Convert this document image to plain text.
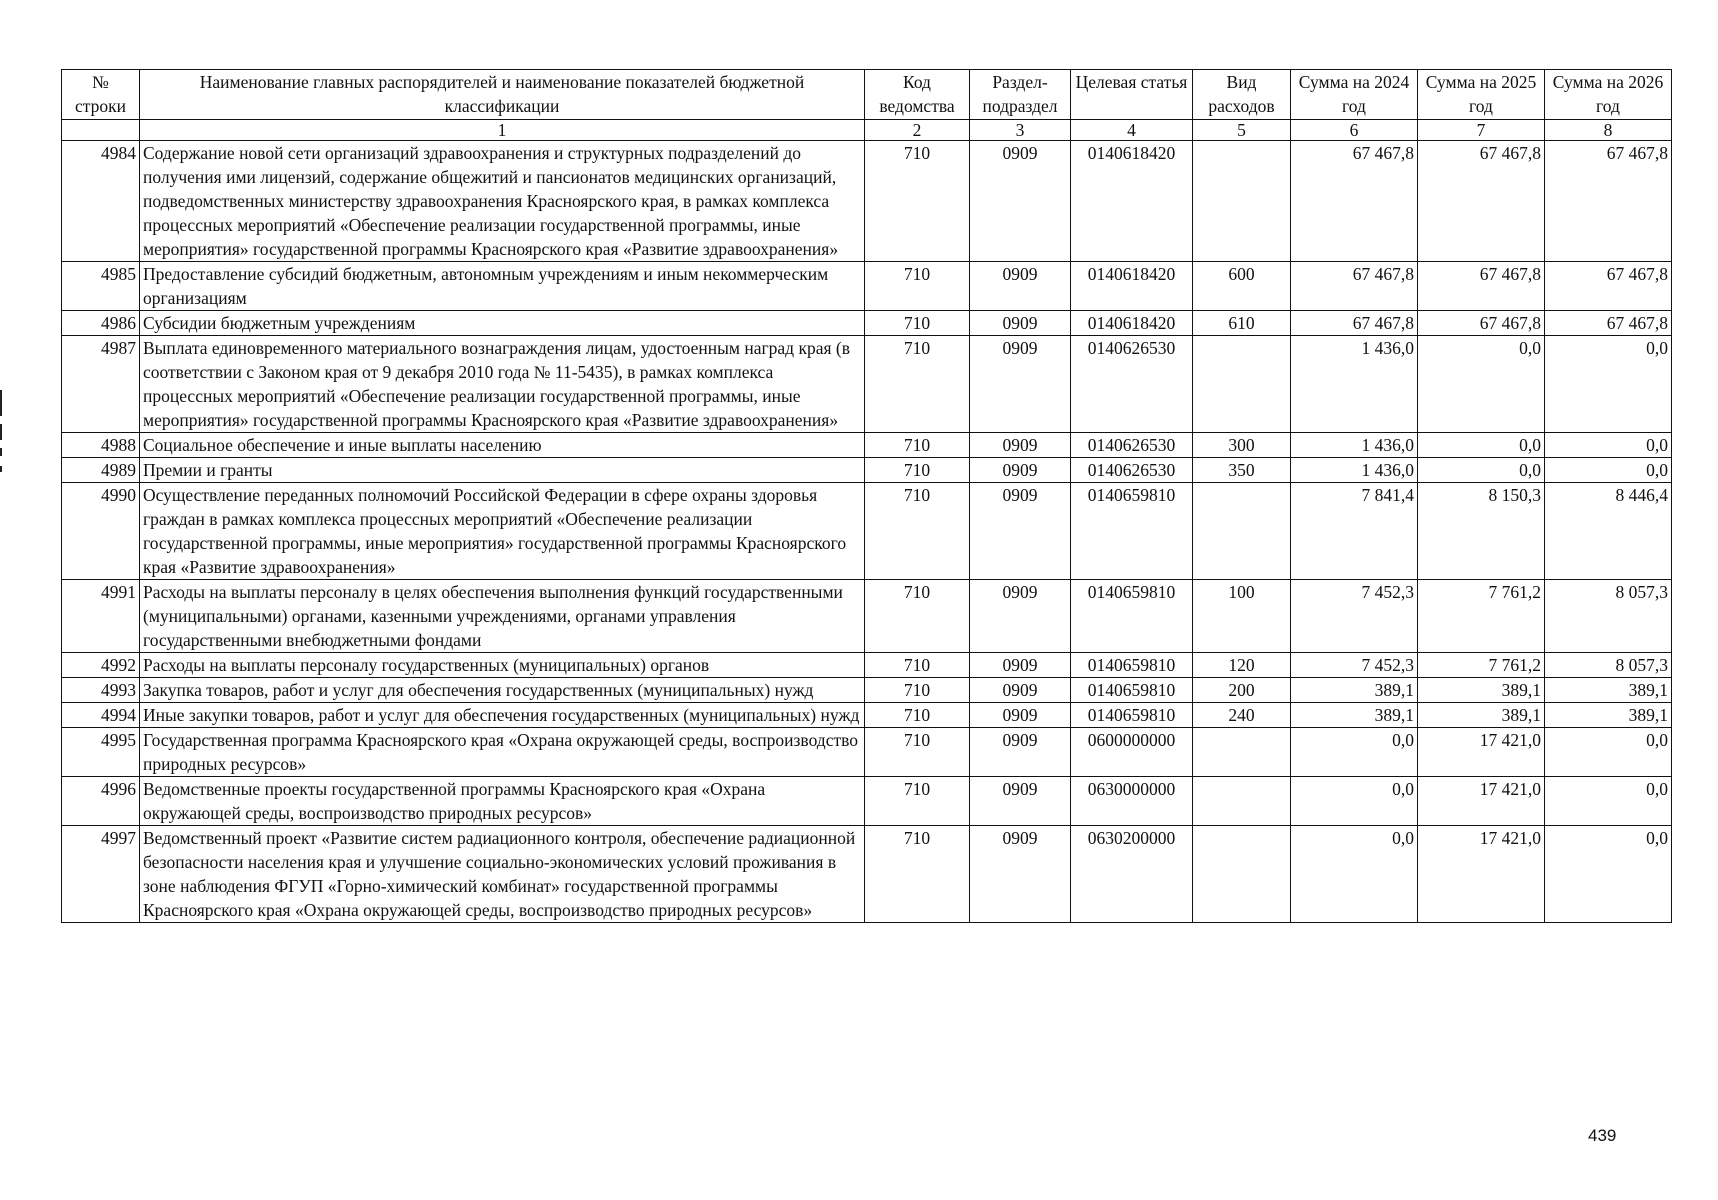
№ строки	Наименование главных распорядителей и наименование показателей бюджетной классификации	Код ведомства	Раздел-подраздел	Целевая статья	Вид расходов	Сумма на 2024 год	Сумма на 2025 год	Сумма на 2026 год
	1	2	3	4	5	6	7	8
4984	Содержание новой сети организаций здравоохранения и структурных подразделений до получения ими лицензий, содержание общежитий и пансионатов медицинских организаций, подведомственных министерству здравоохранения Красноярского края, в рамках комплекса процессных мероприятий «Обеспечение реализации государственной программы, иные мероприятия» государственной программы Красноярского края «Развитие здравоохранения»	710	0909	0140618420		67 467,8	67 467,8	67 467,8
4985	Предоставление субсидий бюджетным, автономным учреждениям и иным некоммерческим организациям	710	0909	0140618420	600	67 467,8	67 467,8	67 467,8
4986	Субсидии бюджетным учреждениям	710	0909	0140618420	610	67 467,8	67 467,8	67 467,8
4987	Выплата единовременного материального вознаграждения лицам, удостоенным наград края (в соответствии с Законом края от 9 декабря 2010 года № 11-5435), в рамках комплекса процессных мероприятий «Обеспечение реализации государственной программы, иные мероприятия» государственной программы Красноярского края «Развитие здравоохранения»	710	0909	0140626530		1 436,0	0,0	0,0
4988	Социальное обеспечение и иные выплаты населению	710	0909	0140626530	300	1 436,0	0,0	0,0
4989	Премии и гранты	710	0909	0140626530	350	1 436,0	0,0	0,0
4990	Осуществление переданных полномочий Российской Федерации в сфере охраны здоровья граждан в рамках комплекса процессных мероприятий «Обеспечение реализации государственной программы, иные мероприятия» государственной программы Красноярского края «Развитие здравоохранения»	710	0909	0140659810		7 841,4	8 150,3	8 446,4
4991	Расходы на выплаты персоналу в целях обеспечения выполнения функций государственными (муниципальными) органами, казенными учреждениями, органами управления государственными внебюджетными фондами	710	0909	0140659810	100	7 452,3	7 761,2	8 057,3
4992	Расходы на выплаты персоналу государственных (муниципальных) органов	710	0909	0140659810	120	7 452,3	7 761,2	8 057,3
4993	Закупка товаров, работ и услуг для обеспечения государственных (муниципальных) нужд	710	0909	0140659810	200	389,1	389,1	389,1
4994	Иные закупки товаров, работ и услуг для обеспечения государственных (муниципальных) нужд	710	0909	0140659810	240	389,1	389,1	389,1
4995	Государственная программа Красноярского края «Охрана окружающей среды, воспроизводство природных ресурсов»	710	0909	0600000000		0,0	17 421,0	0,0
4996	Ведомственные проекты государственной программы Красноярского края «Охрана окружающей среды, воспроизводство природных ресурсов»	710	0909	0630000000		0,0	17 421,0	0,0
4997	Ведомственный проект «Развитие систем радиационного контроля, обеспечение радиационной безопасности населения края и улучшение социально-экономических условий проживания в зоне наблюдения ФГУП «Горно-химический комбинат» государственной программы Красноярского края «Охрана окружающей среды, воспроизводство природных ресурсов»	710	0909	0630200000		0,0	17 421,0	0,0
439
